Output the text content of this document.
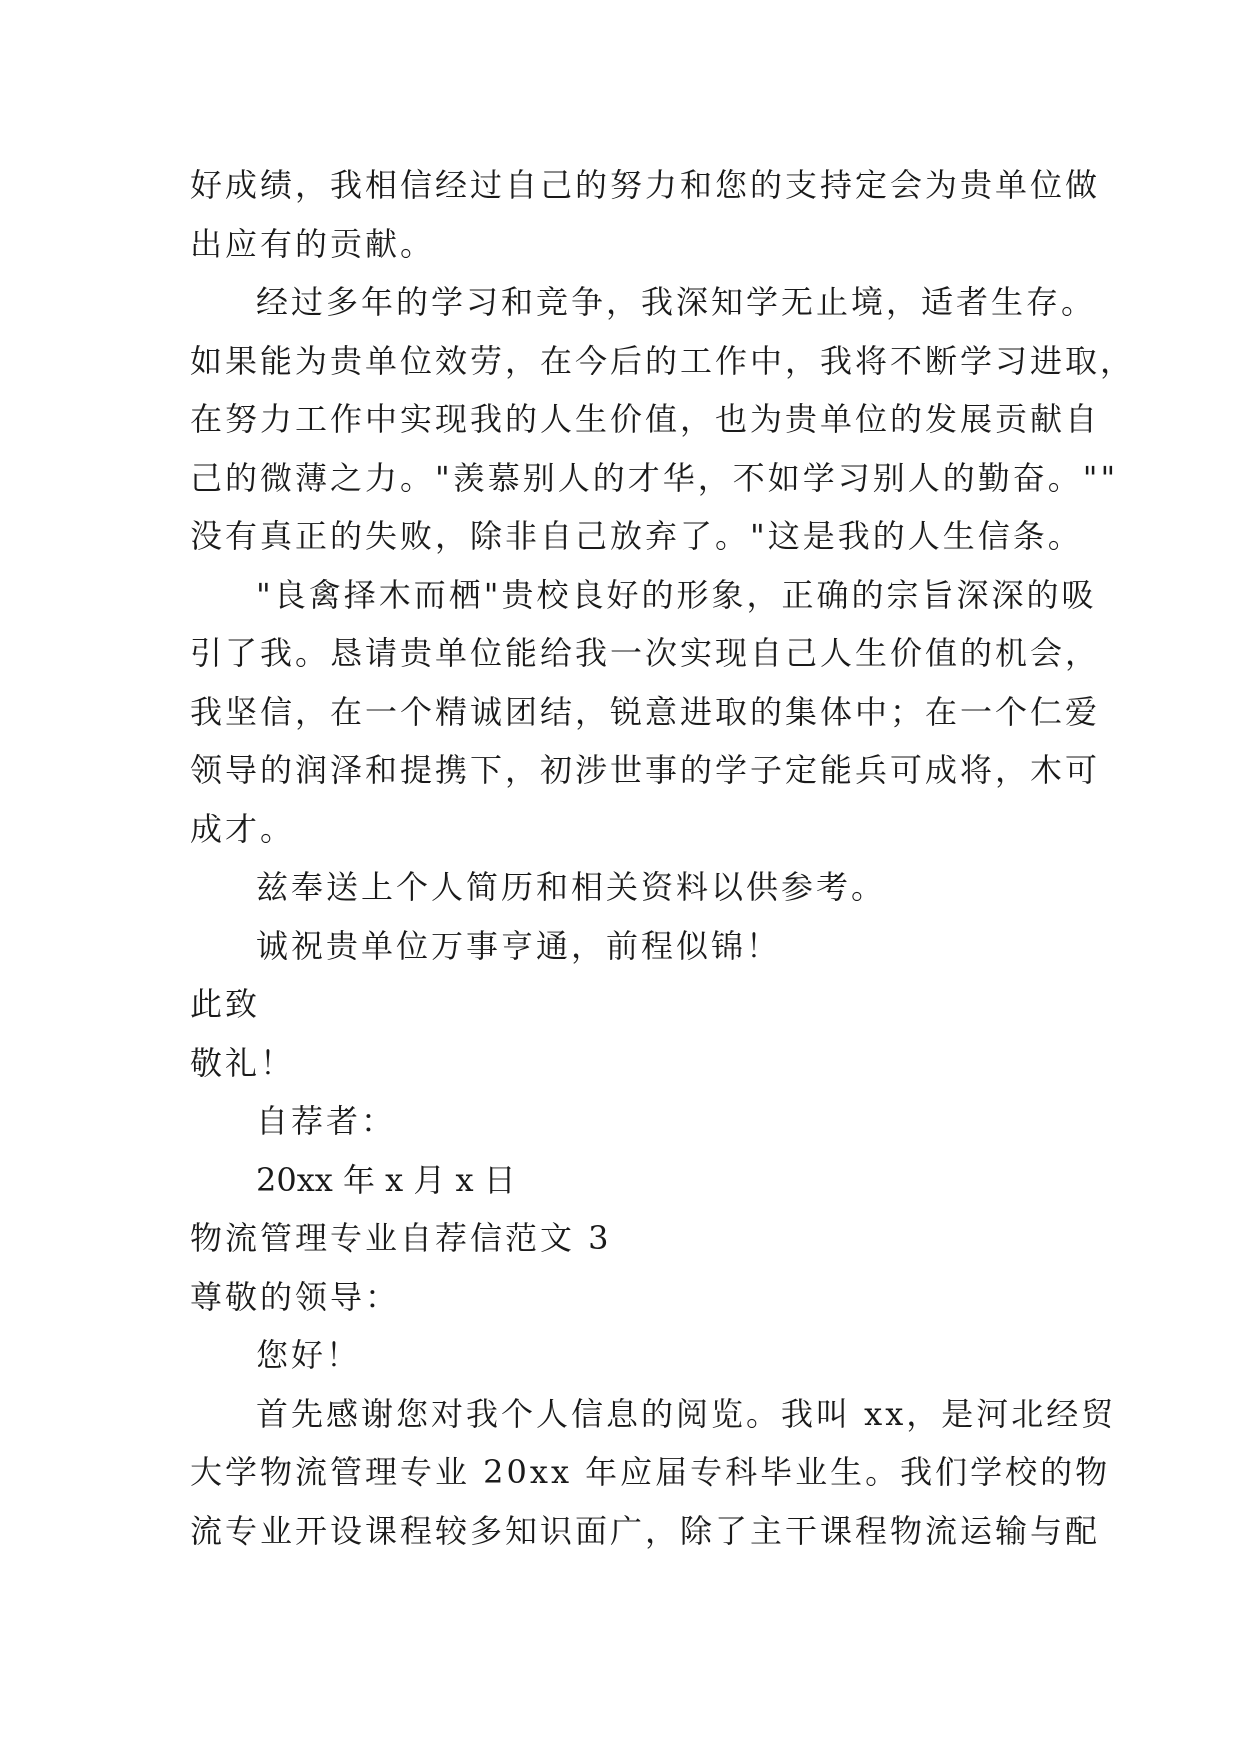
好成绩，我相信经过自己的努力和您的支持定会为贵单位做
出应有的贡献。
经过多年的学习和竞争，我深知学无止境，适者生存。
如果能为贵单位效劳，在今后的工作中，我将不断学习进取，
在努力工作中实现我的人生价值，也为贵单位的发展贡献自
己的微薄之力。"羡慕别人的才华，不如学习别人的勤奋。""
没有真正的失败，除非自己放弃了。"这是我的人生信条。
"良禽择木而栖"贵校良好的形象，正确的宗旨深深的吸
引了我。恳请贵单位能给我一次实现自己人生价值的机会，
我坚信，在一个精诚团结，锐意进取的集体中；在一个仁爱
领导的润泽和提携下，初涉世事的学子定能兵可成将，木可
成才。
兹奉送上个人简历和相关资料以供参考。
诚祝贵单位万事亨通，前程似锦！
此致
敬礼！
自荐者：
20xx 年 x 月 x 日
物流管理专业自荐信范文 3
尊敬的领导：
您好！
首先感谢您对我个人信息的阅览。我叫 xx，是河北经贸
大学物流管理专业 20xx 年应届专科毕业生。我们学校的物
流专业开设课程较多知识面广，除了主干课程物流运输与配
